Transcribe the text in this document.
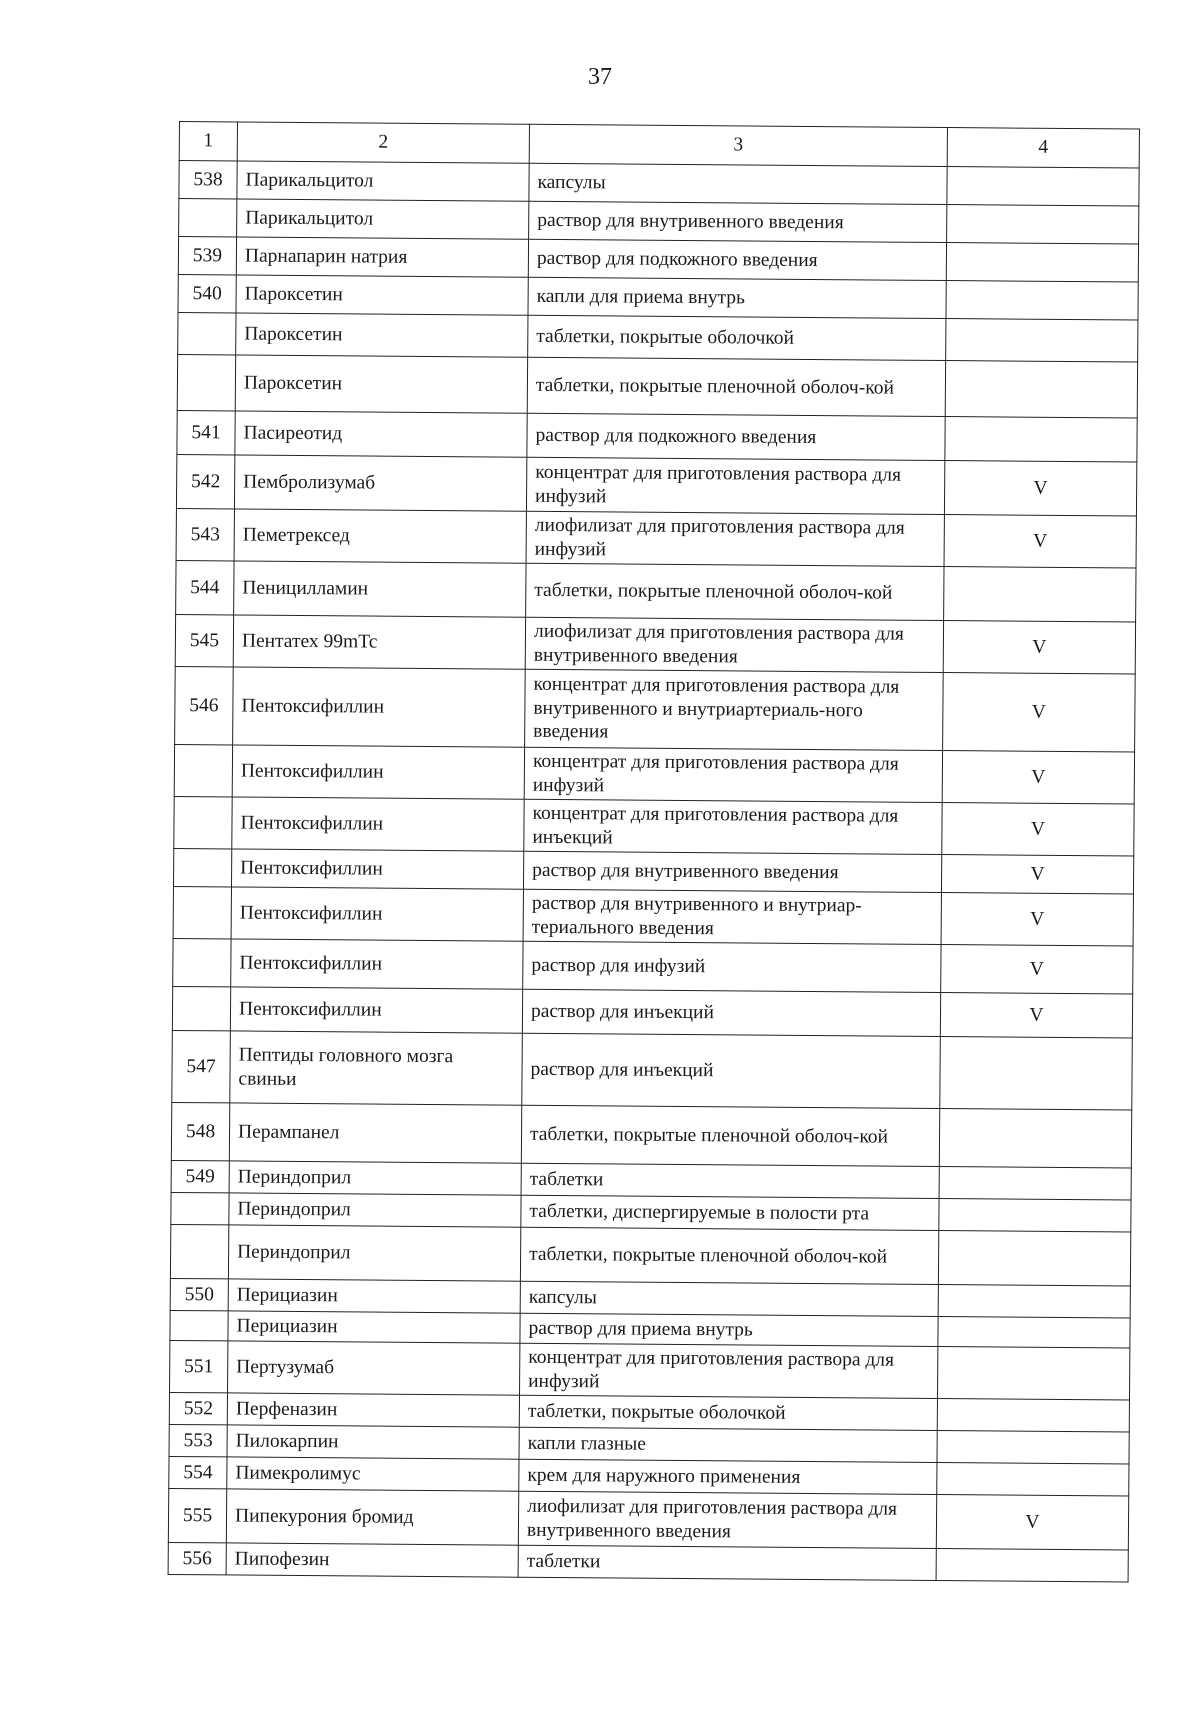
37
1	2	3	4
538	Парикальцитол	капсулы	
	Парикальцитол	раствор для внутривенного введения	
539	Парнапарин натрия	раствор для подкожного введения	
540	Пароксетин	капли для приема внутрь	
	Пароксетин	таблетки, покрытые оболочкой	
	Пароксетин	таблетки, покрытые пленочной оболоч-кой	
541	Пасиреотид	раствор для подкожного введения	
542	Пембролизумаб	концентрат для приготовления раствора для инфузий	V
543	Пеметрексед	лиофилизат для приготовления раствора для инфузий	V
544	Пеницилламин	таблетки, покрытые пленочной оболоч-кой	
545	Пентатех 99mTc	лиофилизат для приготовления раствора для внутривенного введения	V
546	Пентоксифиллин	концентрат для приготовления раствора для внутривенного и внутриартериаль-ного введения	V
	Пентоксифиллин	концентрат для приготовления раствора для инфузий	V
	Пентоксифиллин	концентрат для приготовления раствора для инъекций	V
	Пентоксифиллин	раствор для внутривенного введения	V
	Пентоксифиллин	раствор для внутривенного и внутриар-териального введения	V
	Пентоксифиллин	раствор для инфузий	V
	Пентоксифиллин	раствор для инъекций	V
547	Пептиды головного мозга свиньи	раствор для инъекций	
548	Перампанел	таблетки, покрытые пленочной оболоч-кой	
549	Периндоприл	таблетки	
	Периндоприл	таблетки, диспергируемые в полости рта	
	Периндоприл	таблетки, покрытые пленочной оболоч-кой	
550	Перициазин	капсулы	
	Перициазин	раствор для приема внутрь	
551	Пертузумаб	концентрат для приготовления раствора для инфузий	
552	Перфеназин	таблетки, покрытые оболочкой	
553	Пилокарпин	капли глазные	
554	Пимекролимус	крем для наружного применения	
555	Пипекурония бромид	лиофилизат для приготовления раствора для внутривенного введения	V
556	Пипофезин	таблетки	
